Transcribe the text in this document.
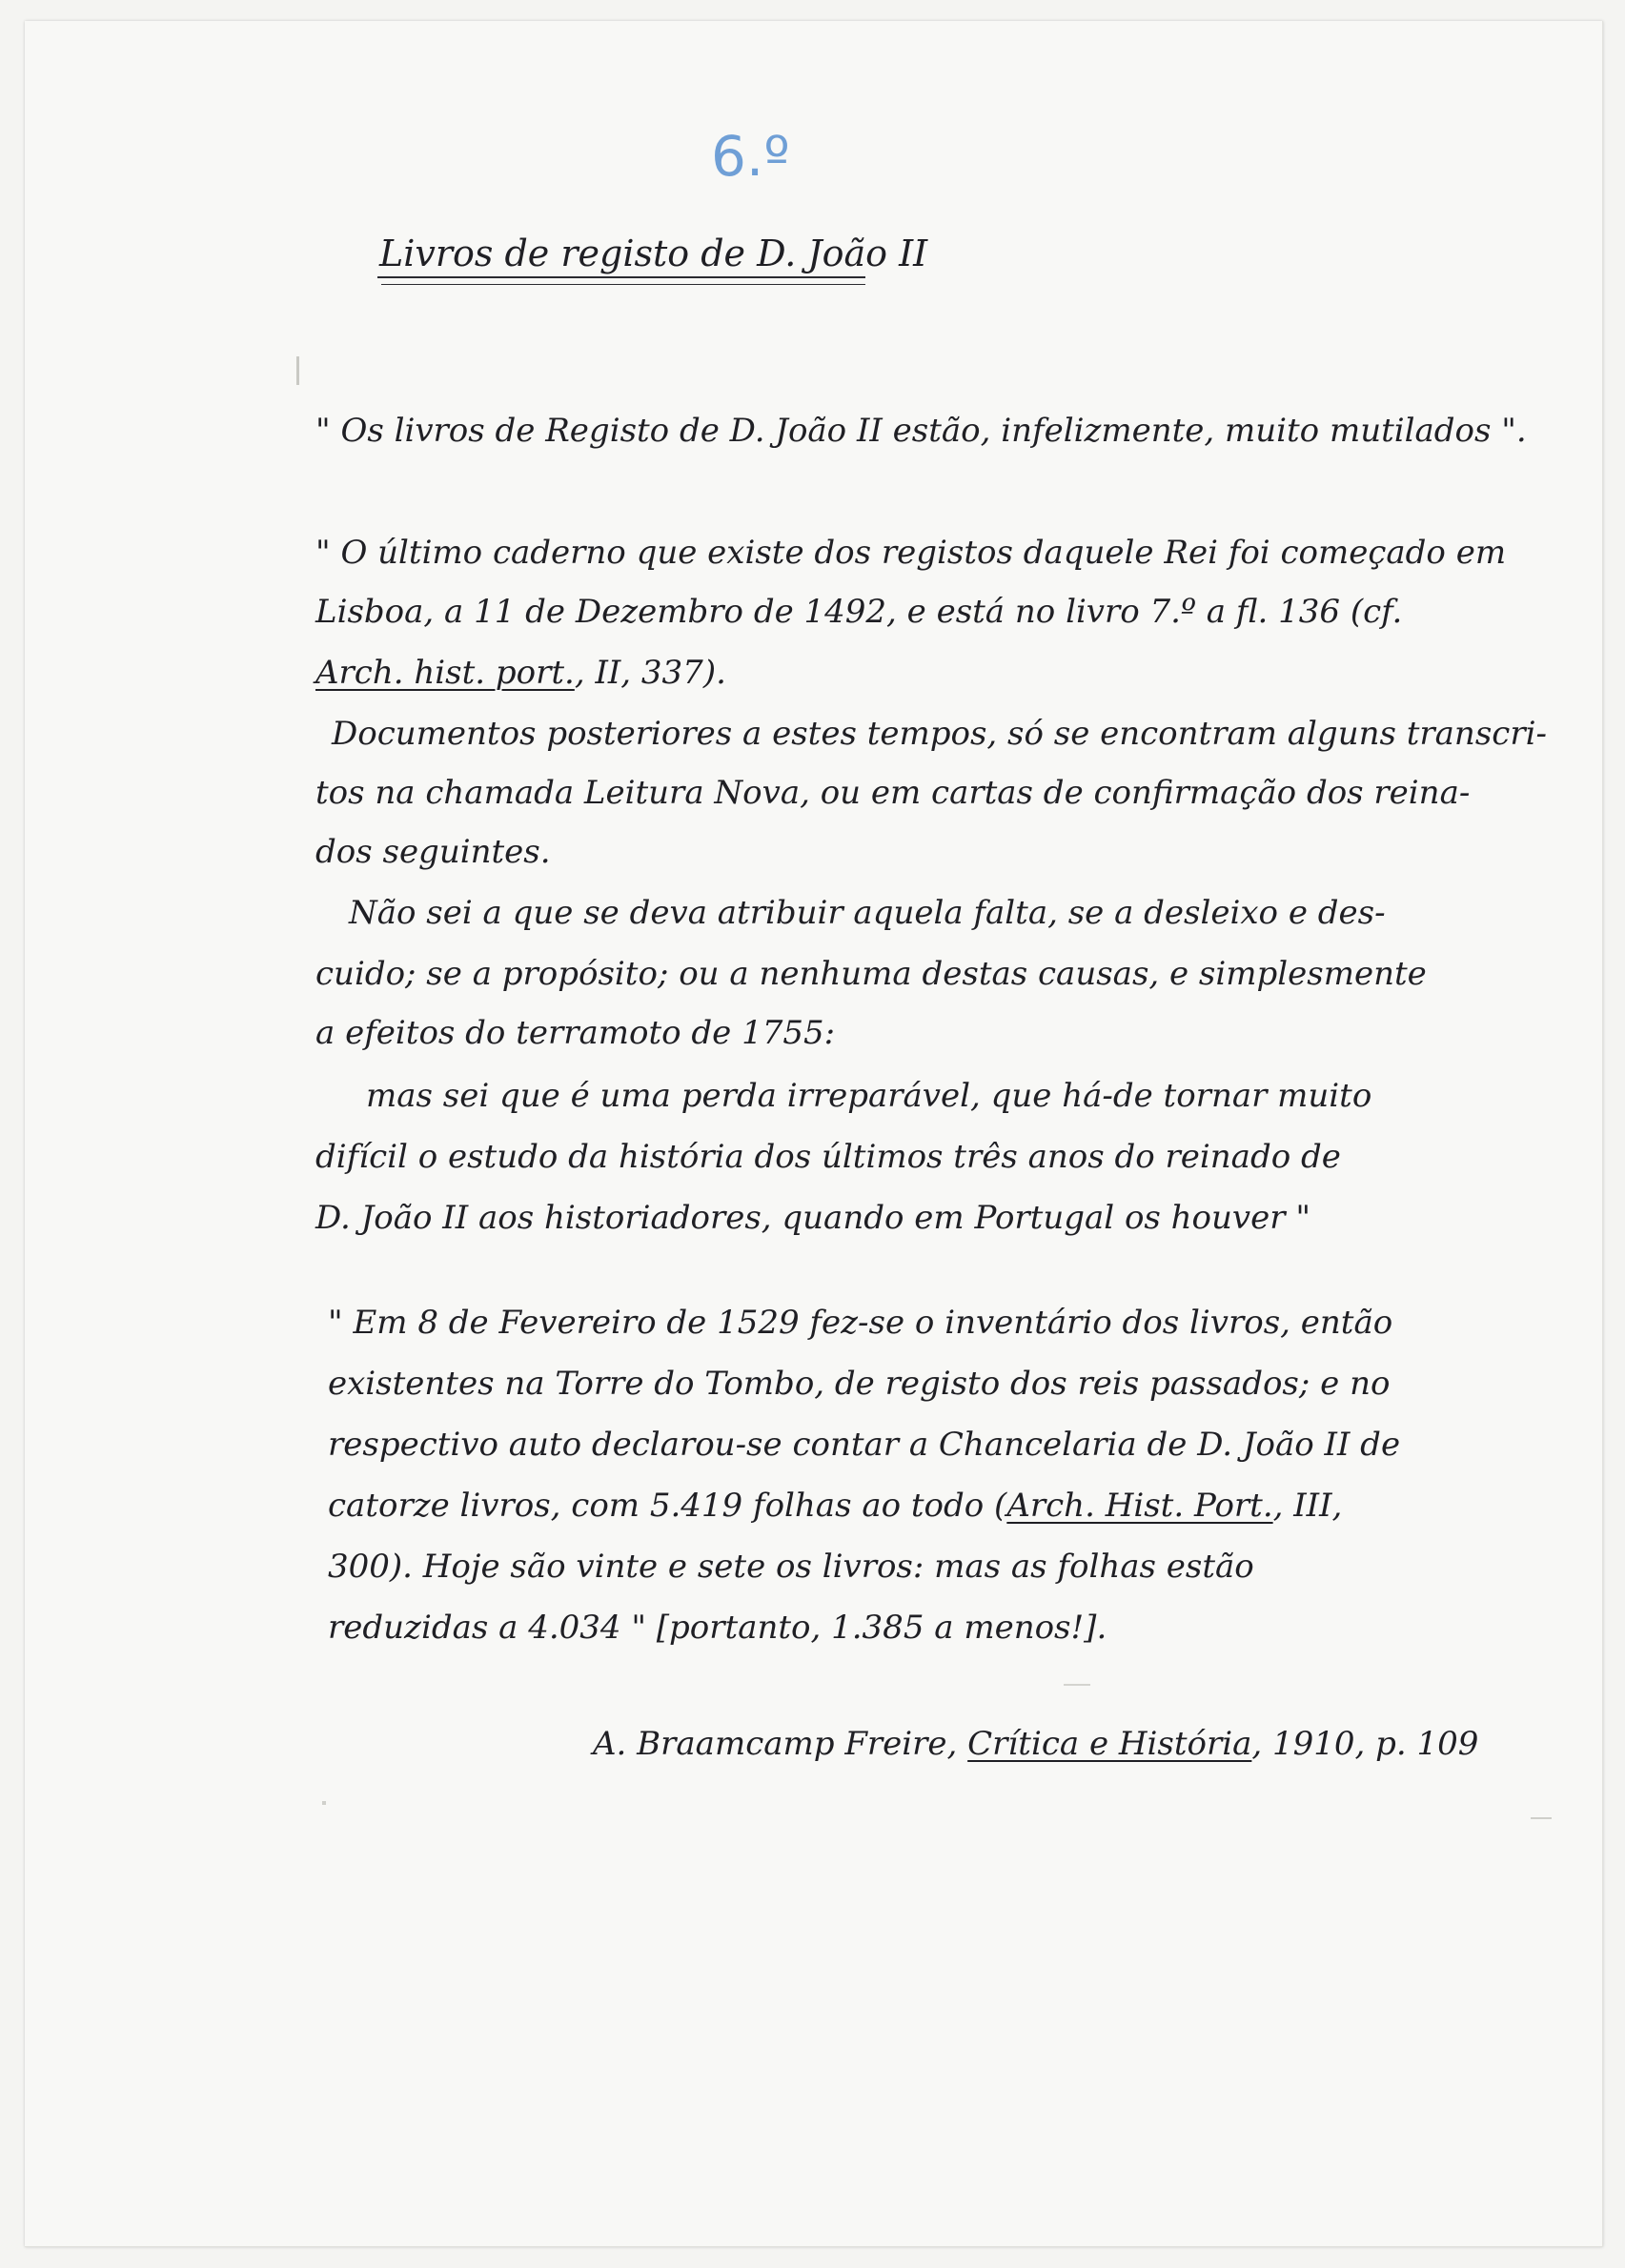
6.º
Livros de registo de D. João II
" Os livros de Registo de D. João II estão, infelizmente, muito mutilados ".
" O último caderno que existe dos registos daquele Rei foi começado em
Lisboa, a 11 de Dezembro de 1492, e está no livro 7.º a fl. 136 (cf.
Arch. hist. port., II, 337).
Documentos posteriores a estes tempos, só se encontram alguns transcri-
tos na chamada Leitura Nova, ou em cartas de confirmação dos reina-
dos seguintes.
Não sei a que se deva atribuir aquela falta, se a desleixo e des-
cuido; se a propósito; ou a nenhuma destas causas, e simplesmente
a efeitos do terramoto de 1755:
mas sei que é uma perda irreparável, que há-de tornar muito
difícil o estudo da história dos últimos três anos do reinado de
D. João II aos historiadores, quando em Portugal os houver "
" Em 8 de Fevereiro de 1529 fez-se o inventário dos livros, então
existentes na Torre do Tombo, de registo dos reis passados; e no
respectivo auto declarou-se contar a Chancelaria de D. João II de
catorze livros, com 5.419 folhas ao todo (Arch. Hist. Port., III,
300). Hoje são vinte e sete os livros: mas as folhas estão
reduzidas a 4.034 " [portanto, 1.385 a menos!].
A. Braamcamp Freire, Crítica e História, 1910, p. 109
